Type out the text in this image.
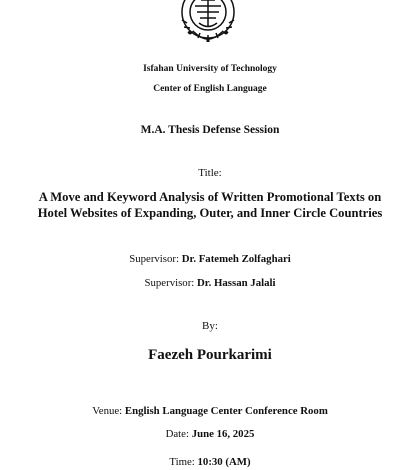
Isfahan University of Technology
Center of English Language
M.A. Thesis Defense Session
Title:
A Move and Keyword Analysis of Written Promotional Texts on
Hotel Websites of Expanding, Outer, and Inner Circle Countries
Supervisor: Dr. Fatemeh Zolfaghari
Supervisor: Dr. Hassan Jalali
By:
Faezeh Pourkarimi
Venue: English Language Center Conference Room
Date: June 16, 2025
Time: 10:30 (AM)
